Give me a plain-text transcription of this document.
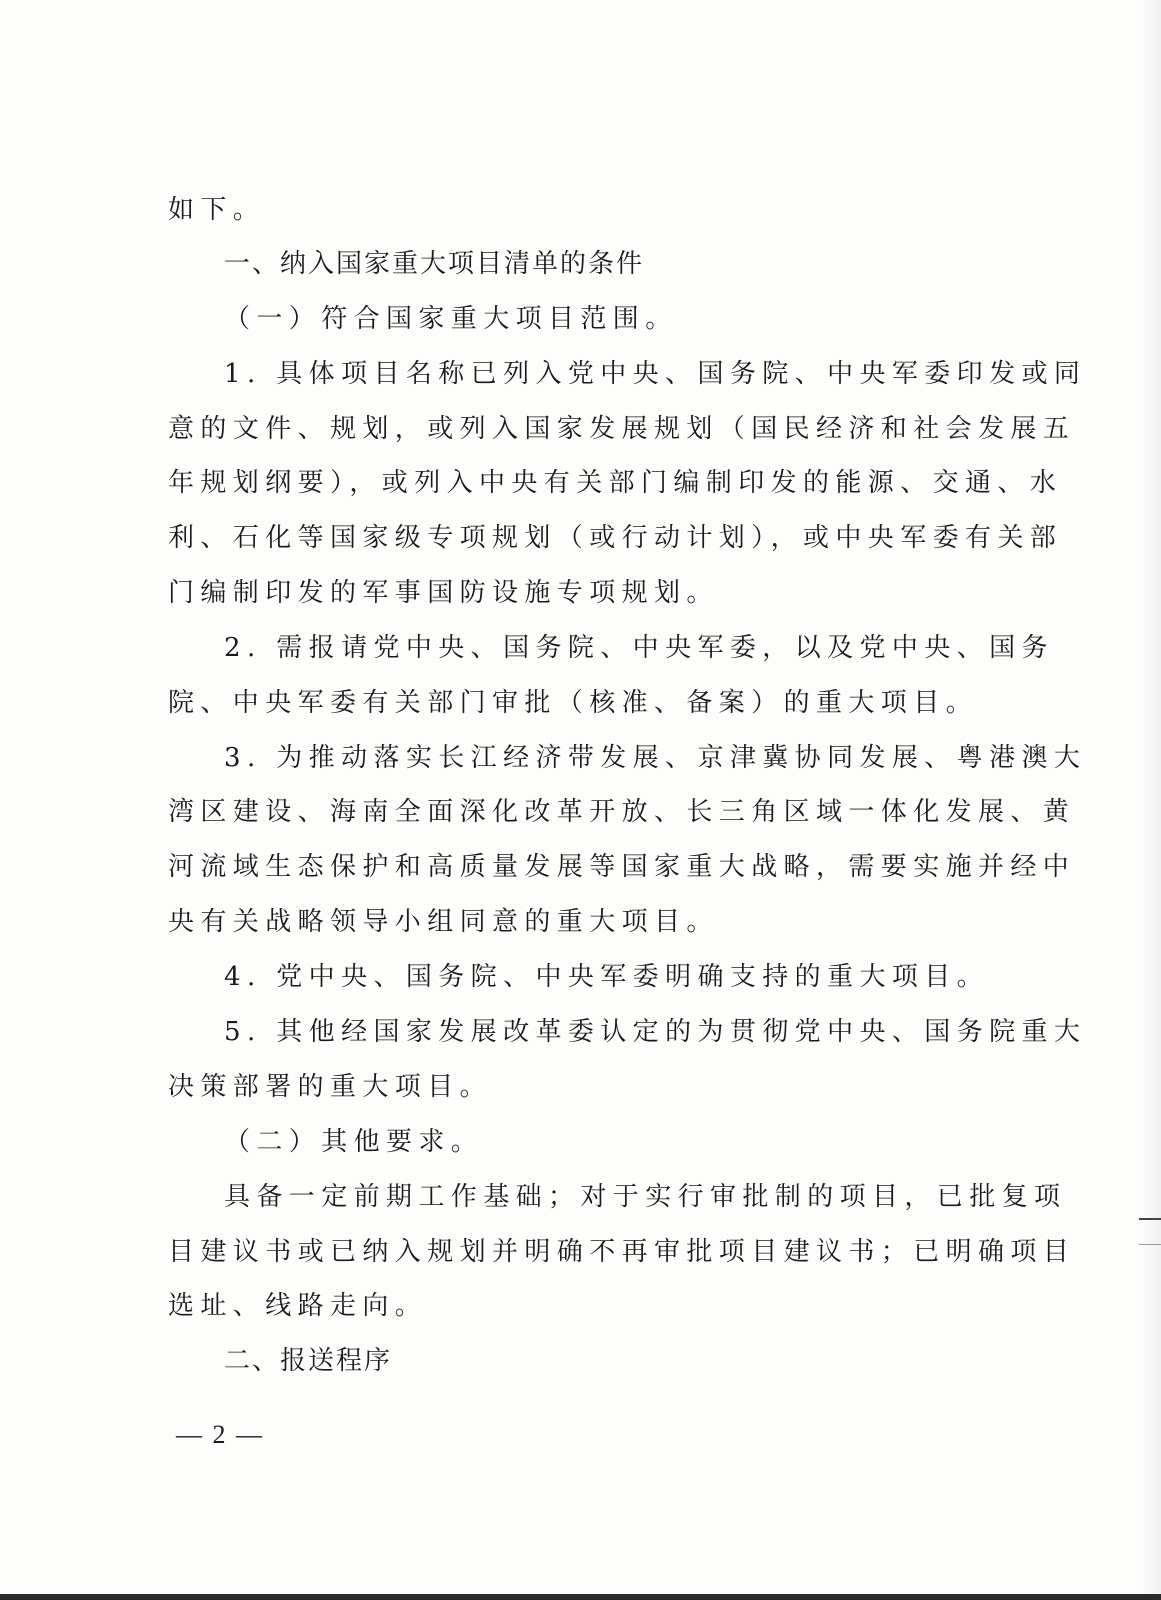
如下。
一、纳入国家重大项目清单的条件
（一）符合国家重大项目范围。
1. 具体项目名称已列入党中央、国务院、中央军委印发或同
意的文件、规划，或列入国家发展规划（国民经济和社会发展五
年规划纲要），或列入中央有关部门编制印发的能源、交通、水
利、石化等国家级专项规划（或行动计划），或中央军委有关部
门编制印发的军事国防设施专项规划。
2. 需报请党中央、国务院、中央军委，以及党中央、国务
院、中央军委有关部门审批（核准、备案）的重大项目。
3. 为推动落实长江经济带发展、京津冀协同发展、粤港澳大
湾区建设、海南全面深化改革开放、长三角区域一体化发展、黄
河流域生态保护和高质量发展等国家重大战略，需要实施并经中
央有关战略领导小组同意的重大项目。
4. 党中央、国务院、中央军委明确支持的重大项目。
5. 其他经国家发展改革委认定的为贯彻党中央、国务院重大
决策部署的重大项目。
（二）其他要求。
具备一定前期工作基础；对于实行审批制的项目，已批复项
目建议书或已纳入规划并明确不再审批项目建议书；已明确项目
选址、线路走向。
二、报送程序
— 2 —
